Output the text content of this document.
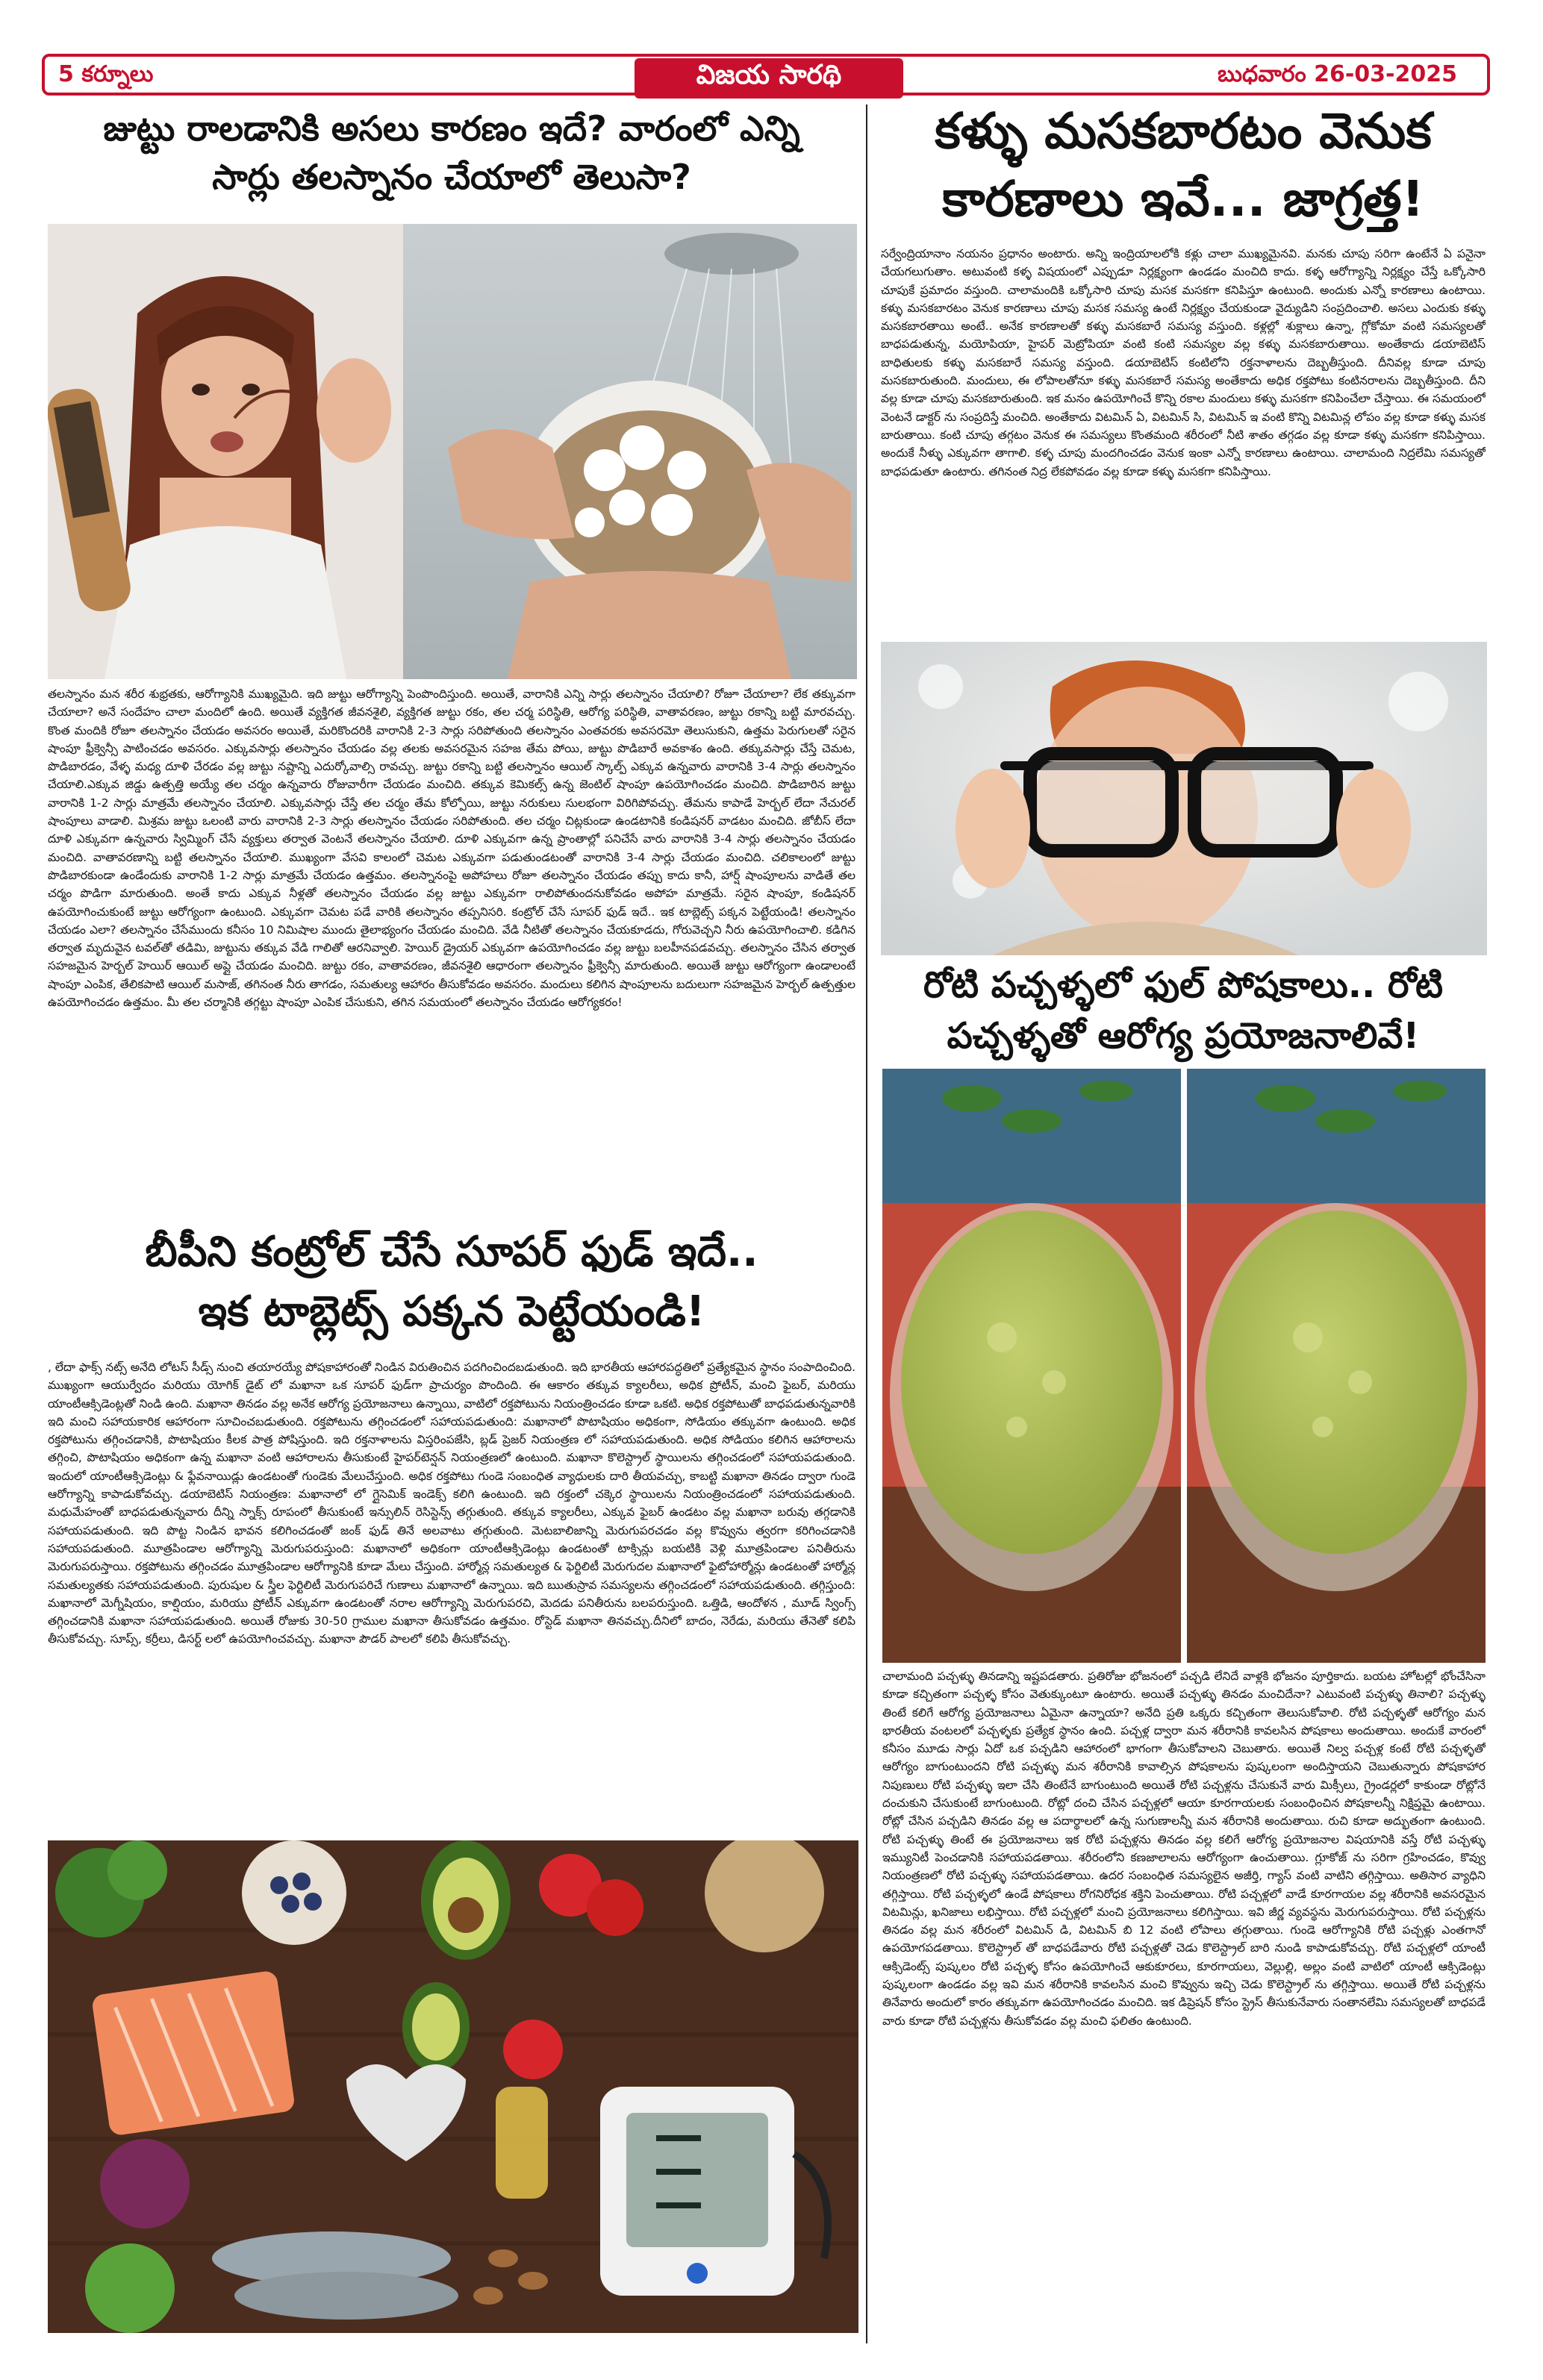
5 కర్నూలు	విజయ సారథి	బుధవారం 26-03-2025
జుట్టు రాలడానికి అసలు కారణం ఇదే? వారంలో ఎన్ని
సార్లు తలస్నానం చేయాలో తెలుసా?
తలస్నానం మన శరీర శుభ్రతకు, ఆరోగ్యానికి ముఖ్యమైది. ఇది జుట్టు ఆరోగ్యాన్ని పెంపొందిస్తుంది. అయితే, వారానికి ఎన్ని సార్లు తలస్నానం చేయాలి? రోజూ చేయాలా? లేక తక్కువగా చేయాలా? అనే సందేహం చాలా మందిలో ఉంది. అయితే వ్యక్తిగత జీవనశైలి, వ్యక్తిగత జుట్టు రకం, తల చర్మ పరిస్థితి, ఆరోగ్య పరిస్థితి, వాతావరణం, జుట్టు రకాన్ని బట్టి మారవచ్చు. కొంత మందికి రోజూ తలస్నానం చేయడం అవసరం అయితే, మరికొందరికి వారానికి 2-3 సార్లు సరిపోతుంది తలస్నానం ఎంతవరకు అవసరమో తెలుసుకుని, ఉత్తమ పెరుగులతో సరైన షాంపూ ఫ్రీక్వెన్సీ పాటించడం అవసరం. ఎక్కువసార్లు తలస్నానం చేయడం వల్ల తలకు అవసరమైన సహజ తేమ పోయి, జుట్టు పొడిబారే అవకాశం ఉంది. తక్కువసార్లు చేస్తే చెమట, పొడిబారడం, వేళ్ళ మధ్య దూళి చేరడం వల్ల జుట్టు నష్టాన్ని ఎదుర్కోవాల్సి రావచ్చు. జుట్టు రకాన్ని బట్టి తలస్నానం ఆయిల్ స్కాల్ప్ ఎక్కువ ఉన్నవారు వారానికి 3-4 సార్లు తలస్నానం చేయాలి.ఎక్కువ జిడ్డు ఉత్పత్తి అయ్యే తల చర్మం ఉన్నవారు రోజువారీగా చేయడం మంచిది. తక్కువ కెమికల్స్ ఉన్న జెంటిల్ షాంపూ ఉపయోగించడం మంచిది. పొడిబారిన జుట్టు వారానికి 1-2 సార్లు మాత్రమే తలస్నానం చేయాలి. ఎక్కువసార్లు చేస్తే తల చర్మం తేమ కోల్పోయి, జుట్టు నరుకులు సులభంగా విరిగిపోవచ్చు. తేమను కాపాడే హెర్బల్ లేదా నేచురల్ షాంపూలు వాడాలి. మిశ్రమ జుట్టు ఒలంటి వారు వారానికి 2-3 సార్లు తలస్నానం చేయడం సరిపోతుంది. తల చర్మం చిట్లకుండా ఉండటానికి కండిషనర్ వాడటం మంచిది. జోబీస్ లేదా దూళి ఎక్కువగా ఉన్నవారు స్విమ్మింగ్ చేసే వ్యక్తులు తర్వాత వెంటనే తలస్నానం చేయాలి. దూళి ఎక్కువగా ఉన్న ప్రాంతాల్లో పనిచేసే వారు వారానికి 3-4 సార్లు తలస్నానం చేయడం మంచిది. వాతావరణాన్ని బట్టి తలస్నానం చేయాలి. ముఖ్యంగా వేసవి కాలంలో చెమట ఎక్కువగా పడుతుండటంతో వారానికి 3-4 సార్లు చేయడం మంచిది. చలికాలంలో జుట్టు పొడిబారకుండా ఉండేందుకు వారానికి 1-2 సార్లు మాత్రమే చేయడం ఉత్తమం. తలస్నానంపై అపోహలు రోజూ తలస్నానం చేయడం తప్పు కాదు కానీ, హార్ష్ షాంపూలను వాడితే తల చర్మం పొడిగా మారుతుంది. అంతే కాదు ఎక్కువ నీళ్లతో తలస్నానం చేయడం వల్ల జుట్టు ఎక్కువగా రాలిపోతుందనుకోవడం అపోహ మాత్రమే. సరైన షాంపూ, కండిషనర్ ఉపయోగించుకుంటే జుట్టు ఆరోగ్యంగా ఉంటుంది. ఎక్కువగా చెమట పడే వారికి తలస్నానం తప్పనిసరి. కంట్రోల్ చేసే సూపర్ ఫుడ్ ఇదే.. ఇక టాబ్లెట్స్ పక్కన పెట్టేయండి! తలస్నానం చేయడం ఎలా? తలస్నానం చేసేముందు కనీసం 10 నిమిషాల ముందు తైలాభ్యంగం చేయడం మంచిది. వేడి నీటితో తలస్నానం చేయకూడదు, గోరువెచ్చని నీరు ఉపయోగించాలి. కడిగిన తర్వాత మృదువైన టవల్‌తో తడిమి, జుట్టును తక్కువ వేడి గాలితో ఆరనివ్వాలి. హెయిర్ డ్రైయర్ ఎక్కువగా ఉపయోగించడం వల్ల జుట్టు బలహీనపడవచ్చు. తలస్నానం చేసిన తర్వాత సహజమైన హెర్బల్ హెయిర్ ఆయిల్ అప్లై చేయడం మంచిది. జుట్టు రకం, వాతావరణం, జీవనశైలి ఆధారంగా తలస్నానం ఫ్రీక్వెన్సీ మారుతుంది. అయితే జుట్టు ఆరోగ్యంగా ఉండాలంటే షాంపూ ఎంపిక, తేలికపాటి ఆయిల్ మసాజ్, తగినంత నీరు తాగడం, సమతుల్య ఆహారం తీసుకోవడం అవసరం. మందులు కలిగిన షాంపూలను బదులుగా సహజమైన హెర్బల్ ఉత్పత్తుల ఉపయోగించడం ఉత్తమం. మీ తల చర్మానికి తగ్గట్టు షాంపూ ఎంపిక చేసుకుని, తగిన సమయంలో తలస్నానం చేయడం ఆరోగ్యకరం!
బీపీని కంట్రోల్ చేసే సూపర్ ఫుడ్ ఇదే..
ఇక టాబ్లెట్స్ పక్కన పెట్టేయండి!
, లేదా ఫాక్స్ నట్స్ అనేది లోటస్ సీడ్స్ నుంచి తయారయ్యే పోషకాహారంతో నిండిన విరుతించిన పదగించిందబడుతుంది. ఇది భారతీయ ఆహారపద్ధతిలో ప్రత్యేకమైన స్థానం సంపాదించింది. ముఖ్యంగా ఆయుర్వేదం మరియు యోగిక్ డైట్ లో మఖానా ఒక సూపర్ ఫుడ్‌గా ప్రాచుర్యం పొందింది. ఈ ఆకారం తక్కువ క్యాలరీలు, అధిక ప్రోటీన్, మంచి ఫైబర్, మరియు యాంటీఆక్సిడెంట్లతో నిండి ఉంది. మఖానా తినడం వల్ల అనేక ఆరోగ్య ప్రయోజనాలు ఉన్నాయి, వాటిలో రక్తపోటును నియంత్రించడం కూడా ఒకటి. అధిక రక్తపోటుతో బాధపడుతున్నవారికి ఇది మంచి సహాయకారిక ఆహారంగా సూచించబడుతుంది. రక్తపోటును తగ్గించడంలో సహాయపడుతుంది: మఖానాలో పొటాషియం అధికంగా, సోడియం తక్కువగా ఉంటుంది. అధిక రక్తపోటును తగ్గించడానికి, పొటాషియం కీలక పాత్ర పోషిస్తుంది. ఇది రక్తనాళాలను విస్తరింపజేసి, బ్లడ్ ప్రెజర్ నియంత్రణ లో సహాయపడుతుంది. అధిక సోడియం కలిగిన ఆహారాలను తగ్గించి, పొటాషియం అధికంగా ఉన్న మఖానా వంటి ఆహారాలను తీసుకుంటే హైపర్‌టెన్షన్ నియంత్రణలో ఉంటుంది. మఖానా కొలెస్ట్రాల్ స్థాయిలను తగ్గించడంలో సహాయపడుతుంది. ఇందులో యాంటీఆక్సిడెంట్లు & ఫ్లేవనాయిడ్లు ఉండటంతో గుండెకు మేలుచేస్తుంది. అధిక రక్తపోటు గుండె సంబంధిత వ్యాధులకు దారి తీయవచ్చు, కాబట్టి మఖానా తినడం ద్వారా గుండె ఆరోగ్యాన్ని కాపాడుకోవచ్చు. డయాబెటిస్ నియంత్రణ: మఖానాలో లో గ్లైసెమిక్ ఇండెక్స్ కలిగి ఉంటుంది. ఇది రక్తంలో చక్కెర స్థాయిలను నియంత్రించడంలో సహాయపడుతుంది. మధుమేహంతో బాధపడుతున్నవారు దీన్ని స్నాక్స్ రూపంలో తీసుకుంటే ఇన్సులిన్ రెసిస్టెన్స్ తగ్గుతుంది. తక్కువ క్యాలరీలు, ఎక్కువ ఫైబర్ ఉండటం వల్ల మఖానా బరువు తగ్గడానికి సహాయపడుతుంది. ఇది పొట్ట నిండిన భావన కలిగించడంతో జంక్ ఫుడ్ తినే అలవాటు తగ్గుతుంది. మెటబాలిజాన్ని మెరుగుపరచడం వల్ల కొవ్వును త్వరగా కరిగించడానికి సహాయపడుతుంది. మూత్రపిండాల ఆరోగ్యాన్ని మెరుగుపరుస్తుంది: మఖానాలో అధికంగా యాంటీఆక్సిడెంట్లు ఉండటంతో టాక్సిన్లు బయటికి వెళ్లి మూత్రపిండాల పనితీరును మెరుగుపరుస్తాయి. రక్తపోటును తగ్గించడం మూత్రపిండాల ఆరోగ్యానికి కూడా మేలు చేస్తుంది. హార్మోన్ల సమతుల్యత & ఫెర్టిలిటీ మెరుగుదల మఖానాలో ఫైటోహార్మోన్లు ఉండటంతో హార్మోన్ల సమతుల్యతకు సహాయపడుతుంది. పురుషుల & స్త్రీల ఫెర్టిలిటీ మెరుగుపరిచే గుణాలు మఖానాలో ఉన్నాయి. ఇది ఋతుస్రావ సమస్యలను తగ్గించడంలో సహాయపడుతుంది. తగ్గిస్తుంది: మఖానాలో మెగ్నీషియం, కాల్షియం, మరియు ప్రోటీన్ ఎక్కువగా ఉండటంతో నరాల ఆరోగ్యాన్ని మెరుగుపరచి, మెదడు పనితీరును బలపరుస్తుంది. ఒత్తిడి, ఆందోళన , మూడ్ స్వింగ్స్ తగ్గించడానికి మఖానా సహాయపడుతుంది. అయితే రోజుకు 30-50 గ్రాముల మఖానా తీసుకోవడం ఉత్తమం. రోస్టెడ్ మఖానా తినవచ్చు.దీనిలో బాదం, నెరేడు, మరియు తేనెతో కలిపి తీసుకోవచ్చు. సూప్స్, కర్రీలు, డిసర్ట్ లలో ఉపయోగించవచ్చు. మఖానా పౌడర్ పాలలో కలిపి తీసుకోవచ్చు.
కళ్ళు మసకబారటం వెనుక
కారణాలు ఇవే... జాగ్రత్త!
సర్వేంద్రియానాం నయనం ప్రధానం అంటారు. అన్ని ఇంద్రియాలలోకి కళ్లు చాలా ముఖ్యమైనవి. మనకు చూపు సరిగా ఉంటేనే ఏ పనైనా చేయగలుగుతాం. అటువంటి కళ్ళ విషయంలో ఎప్పుడూ నిర్లక్ష్యంగా ఉండడం మంచిది కాదు. కళ్ళ ఆరోగ్యాన్ని నిర్లక్ష్యం చేస్తే ఒక్కోసారి చూపుకే ప్రమాదం వస్తుంది. చాలామందికి ఒక్కోసారి చూపు మసక మసకగా కనిపిస్తూ ఉంటుంది. అందుకు ఎన్నో కారణాలు ఉంటాయి. కళ్ళు మసకబారటం వెనుక కారణాలు చూపు మసక సమస్య ఉంటే నిర్లక్ష్యం చేయకుండా వైద్యుడిని సంప్రదించాలి. అసలు ఎందుకు కళ్ళు మసకబారతాయి అంటే.. అనేక కారణాలతో కళ్ళు మసకబారే సమస్య వస్తుంది. కళ్లల్లో శుక్లాలు ఉన్నా, గ్లోకోమా వంటి సమస్యలతో బాధపడుతున్న, మయోపియా, హైపర్ మెట్రోపియా వంటి కంటి సమస్యల వల్ల కళ్ళు మసకబారుతాయి. అంతేకాదు డయాబెటిస్ బాధితులకు కళ్ళు మసకబారే సమస్య వస్తుంది. డయాబెటిస్ కంటిలోని రక్తనాళాలను దెబ్బతీస్తుంది. దీనివల్ల కూడా చూపు మసకబారుతుంది. మందులు, ఈ లోపాలతోనూ కళ్ళు మసకబారే సమస్య అంతేకాదు అధిక రక్తపోటు కంటినరాలను దెబ్బతీస్తుంది. దీని వల్ల కూడా చూపు మసకబారుతుంది. ఇక మనం ఉపయోగించే కొన్ని రకాల మందులు కళ్ళు మసకగా కనిపించేలా చేస్తాయి. ఈ సమయంలో వెంటనే డాక్టర్ ను సంప్రదిస్తే మంచిది. అంతేకాదు విటమిన్ ఏ, విటమిన్ సి, విటమిన్ ఇ వంటి కొన్ని విటమిన్ల లోపం వల్ల కూడా కళ్ళు మసక బారుతాయి. కంటి చూపు తగ్గటం వెనుక ఈ సమస్యలు కొంతమంది శరీరంలో నీటి శాతం తగ్గడం వల్ల కూడా కళ్ళు మసకగా కనిపిస్తాయి. అందుకే నీళ్ళు ఎక్కువగా తాగాలి. కళ్ళ చూపు మందగించడం వెనుక ఇంకా ఎన్నో కారణాలు ఉంటాయి. చాలామంది నిద్రలేమి సమస్యతో బాధపడుతూ ఉంటారు. తగినంత నిద్ర లేకపోవడం వల్ల కూడా కళ్ళు మసకగా కనిపిస్తాయి.
రోటి పచ్చళ్ళలో ఫుల్ పోషకాలు.. రోటి
పచ్చళ్ళతో ఆరోగ్య ప్రయోజనాలివే!
చాలామంది పచ్చళ్ళు తినడాన్ని ఇష్టపడతారు. ప్రతిరోజు భోజనంలో పచ్చడి లేనిదే వాళ్లకి భోజనం పూర్తికాదు. బయట హోటల్లో భోంచేసినా కూడా కచ్చితంగా పచ్చళ్ళ కోసం వెతుక్కుంటూ ఉంటారు. అయితే పచ్చళ్ళు తినడం మంచిదేనా? ఎటువంటి పచ్చళ్ళు తినాలి? పచ్చళ్ళు తింటే కలిగే ఆరోగ్య ప్రయోజనాలు ఏమైనా ఉన్నాయా? అనేది ప్రతి ఒక్కరు కచ్చితంగా తెలుసుకోవాలి. రోటి పచ్చళ్ళతో ఆరోగ్యం మన భారతీయ వంటలలో పచ్చళ్ళకు ప్రత్యేక స్థానం ఉంది. పచ్చళ్ల ద్వారా మన శరీరానికి కావలసిన పోషకాలు అందుతాయి. అందుకే వారంలో కనీసం మూడు సార్లు ఏదో ఒక పచ్చడిని ఆహారంలో భాగంగా తీసుకోవాలని చెబుతారు. అయితే నిల్వ పచ్చళ్ల కంటే రోటి పచ్చళ్ళతో ఆరోగ్యం బాగుంటుందని రోటి పచ్చళ్ళు మన శరీరానికి కావాల్సిన పోషకాలను పుష్కలంగా అందిస్తాయని చెబుతున్నారు పోషకాహార నిపుణులు రోటి పచ్చళ్ళు ఇలా చేసి తింటేనే బాగుంటుంది అయితే రోటి పచ్చళ్లను చేసుకునే వారు మిక్సీలు, గ్రైండర్లలో కాకుండా రోట్లోనే దంచుకుని చేసుకుంటే బాగుంటుంది. రోట్లో దంచి చేసిన పచ్చళ్లలో ఆయా కూరగాయలకు సంబంధించిన పోషకాలన్నీ నిక్షిప్తమై ఉంటాయి. రోట్లో చేసిన పచ్చడిని తినడం వల్ల ఆ పదార్థాలలో ఉన్న సుగుణాలన్నీ మన శరీరానికి అందుతాయి. రుచి కూడా అద్భుతంగా ఉంటుంది. రోటి పచ్చళ్ళు తింటే ఈ ప్రయోజనాలు ఇక రోటి పచ్చళ్లను తినడం వల్ల కలిగే ఆరోగ్య ప్రయోజనాల విషయానికి వస్తే రోటి పచ్చళ్ళు ఇమ్యునిటీ పెంచడానికి సహాయపడతాయి. శరీరంలోని కణజాలాలను ఆరోగ్యంగా ఉంచుతాయి. గ్లూకోజ్ ను సరిగా గ్రహించడం, కొవ్వు నియంత్రణలో రోటి పచ్చళ్ళు సహాయపడతాయి. ఉదర సంబంధిత సమస్యలైన అజీర్తి, గ్యాస్ వంటి వాటిని తగ్గిస్తాయి. అతిసార వ్యాధిని తగ్గిస్తాయి. రోటి పచ్చళ్ళలో ఉండే పోషకాలు రోగనిరోధక శక్తిని పెంచుతాయి. రోటి పచ్చళ్లలో వాడే కూరగాయల వల్ల శరీరానికి అవసరమైన విటమిన్లు, ఖనిజాలు లభిస్తాయి. రోటి పచ్చళ్లలో మంచి ప్రయోజనాలు కలిగిస్తాయి. ఇవి జీర్ణ వ్యవస్థను మెరుగుపరుస్తాయి. రోటి పచ్చళ్లను తినడం వల్ల మన శరీరంలో విటమిన్ డి, విటమిన్ బి 12 వంటి లోపాలు తగ్గుతాయి. గుండె ఆరోగ్యానికి రోటి పచ్చళ్లు ఎంతగానో ఉపయోగపడతాయి. కొలెస్ట్రాల్ తో బాధపడేవారు రోటి పచ్చళ్లతో చెడు కొలెస్ట్రాల్ బారి నుండి కాపాడుకోవచ్చు. రోటి పచ్చళ్లలో యాంటీ ఆక్సిడెంట్స్ పుష్కలం రోటి పచ్చళ్ళ కోసం ఉపయోగించే ఆకుకూరలు, కూరగాయలు, వెల్లుల్లి, అల్లం వంటి వాటిలో యాంటీ ఆక్సిడెంట్లు పుష్కలంగా ఉండడం వల్ల ఇవి మన శరీరానికి కావలసిన మంచి కొవ్వును ఇచ్చి చెడు కొలెస్ట్రాల్ ను తగ్గిస్తాయి. అయితే రోటి పచ్చళ్లను తినేవారు అందులో కారం తక్కువగా ఉపయోగించడం మంచిది. ఇక డిప్రెషన్ కోసం స్ట్రెస్ తీసుకునేవారు సంతానలేమి సమస్యలతో బాధపడే వారు కూడా రోటి పచ్చళ్లను తీసుకోవడం వల్ల మంచి ఫలితం ఉంటుంది.
